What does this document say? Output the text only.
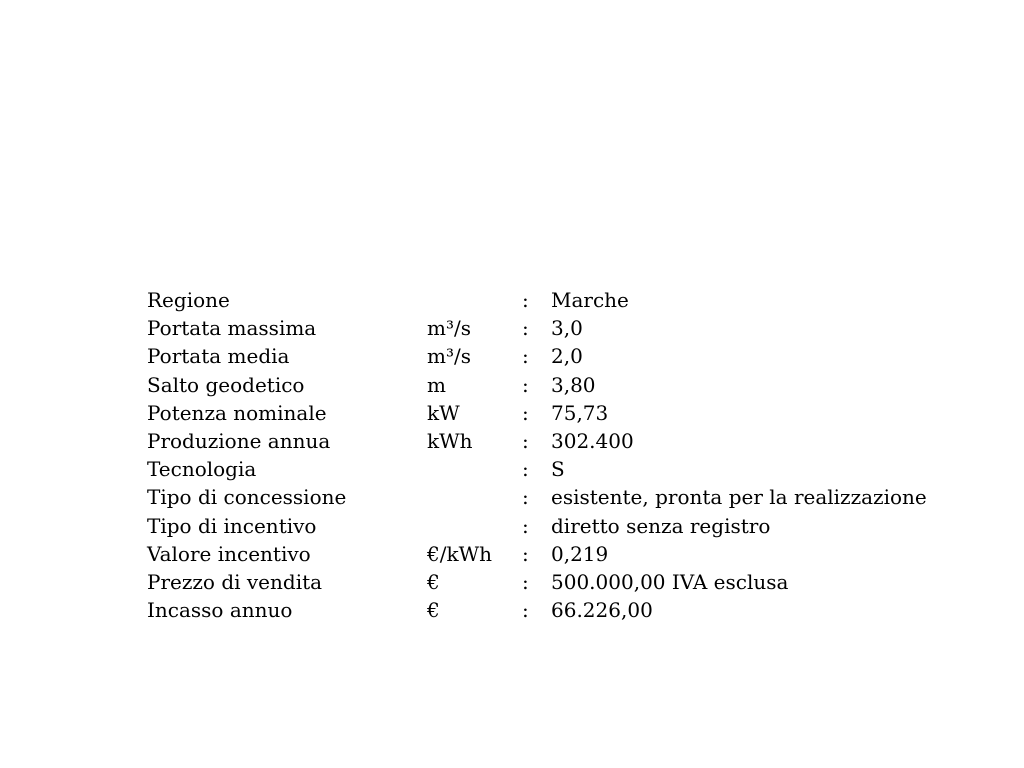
Regione		:	Marche
Portata massima	m³/s	:	3,0
Portata media	m³/s	:	2,0
Salto geodetico	m	:	3,80
Potenza nominale	kW	:	75,73
Produzione annua	kWh	:	302.400
Tecnologia		:	S
Tipo di concessione		:	esistente, pronta per la realizzazione
Tipo di incentivo		:	diretto senza registro
Valore incentivo	€/kWh	:	0,219
Prezzo di vendita	€	:	500.000,00 IVA esclusa
Incasso annuo	€	:	66.226,00
